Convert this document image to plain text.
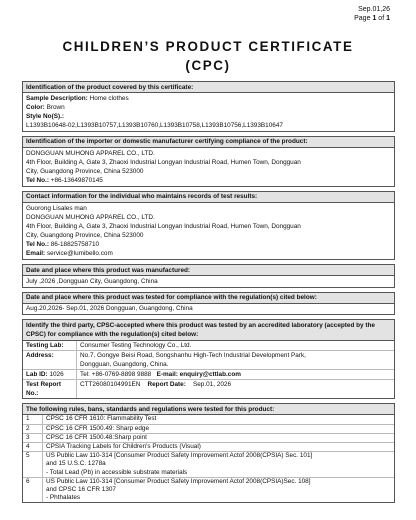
Sep.01,26
Page 1 of 1
CHILDREN’S PRODUCT CERTIFICATE
(CPC)
Identification of the product covered by this certificate:
Sample Description: Home clothes
Color: Brown
Style No(S).:
L1393B10648-02,L1393B10757,L1393B10760,L1393B10758,L1393B10756,L1393B10647
Identification of the importer or domestic manufacturer certifying compliance of the product:
DONGGUAN MUHONG APPAREL CO., LTD.
4th Floor, Building A, Gate 3, Zhaoxi Industrial Longyan Industrial Road, Humen Town, Dongguan
City, Guangdong Province, China 523000
Tel No.: +86-13649870145
Contact information for the individual who maintains records of test results:
Guorong Lisales man
DONGGUAN MUHONG APPAREL CO., LTD.
4th Floor, Building A, Gate 3, Zhaoxi Industrial Longyan Industrial Road, Humen Town, Dongguan
City, Guangdong Province, China 523000
Tel No.: 86-18825758710
Email: service@lumibello.com
Date and place where this product was manufactured:
July ,2026 ,Dongguan City, Guangdong, China
Date and place where this product was tested for compliance with the regulation(s) cited below:
Aug.20,2026- Sep.01, 2026 Dongguan, Guangdong, China
Identify the third party, CPSC-accepted where this product was tested by an accredited laboratory (accepted by the CPSC) for compliance with the regulation(s) cited below:
Testing Lab:	Consumer Testing Technology Co., Ltd.
Address:	No.7, Gongye Beisi Road, Songshanhu High-Tech Industrial Development Park,
Dongguan, Guangdong, China.
Lab ID: 1026	Tel: +86-0769-8898 9888 E-mail: enquiry@cttlab.com
Test Report No.:
CTT26080104991EN Report Date: Sep.01, 2026
The following rules, bans, standards and regulations were tested for this product:
1	CPSC 16 CFR 1610: Flammability Test
2	CPSC 16 CFR 1500.49: Sharp edge
3	CPSC 16 CFR 1500.48:Sharp point
4	CPSIA Tracking Labels for Children's Products (Visual)
5	US Public Law 110-314 [Consumer Product Safety Improvement Actof 2008(CPSIA) Sec. 101]
and 15 U.S.C. 1278a
- Total Lead (Pb) in accessible substrate materials
6	US Public Law 110-314 [Consumer Product Safety Improvement Actof 2008(CPSIA)Sec. 108]
and CPSC 16 CFR 1307
- Phthalates
